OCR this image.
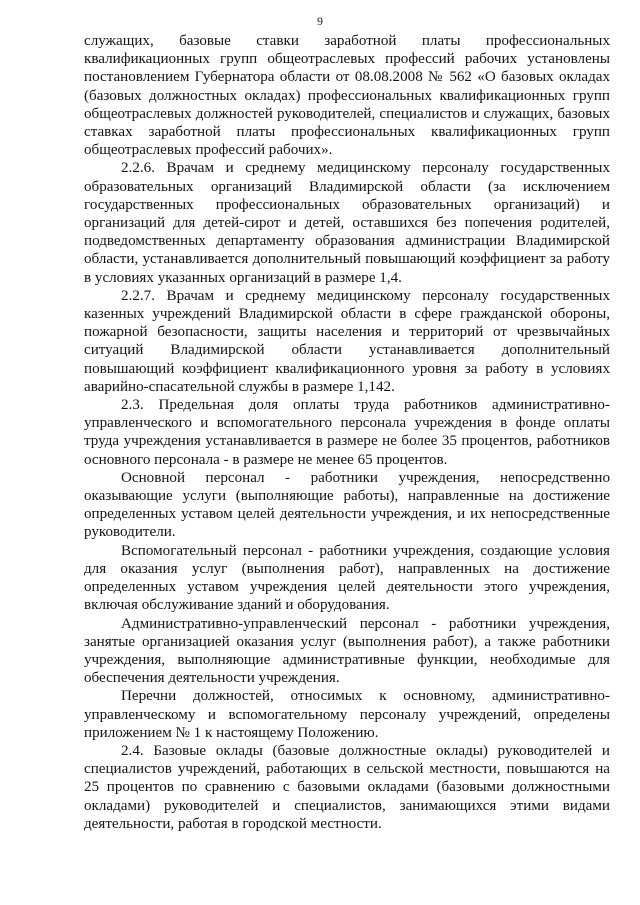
9

служащих, базовые ставки заработной платы профессиональных квалификационных групп общеотраслевых профессий рабочих установлены постановлением Губернатора области от 08.08.2008 № 562 «О базовых окладах (базовых должностных окладах) профессиональных квалификационных групп общеотраслевых должностей руководителей, специалистов и служащих, базовых ставках заработной платы профессиональных квалификационных групп общеотраслевых профессий рабочих».

2.2.6. Врачам и среднему медицинскому персоналу государственных образовательных организаций Владимирской области (за исключением государственных профессиональных образовательных организаций) и организаций для детей-сирот и детей, оставшихся без попечения родителей, подведомственных департаменту образования администрации Владимирской области, устанавливается дополнительный повышающий коэффициент за работу в условиях указанных организаций в размере 1,4.

2.2.7. Врачам и среднему медицинскому персоналу государственных казенных учреждений Владимирской области в сфере гражданской обороны, пожарной безопасности, защиты населения и территорий от чрезвычайных ситуаций Владимирской области устанавливается дополнительный повышающий коэффициент квалификационного уровня за работу в условиях аварийно-спасательной службы в размере 1,142.

2.3. Предельная доля оплаты труда работников административно-управленческого и вспомогательного персонала учреждения в фонде оплаты труда учреждения устанавливается в размере не более 35 процентов, работников основного персонала - в размере не менее 65 процентов.

Основной персонал - работники учреждения, непосредственно оказывающие услуги (выполняющие работы), направленные на достижение определенных уставом целей деятельности учреждения, и их непосредственные руководители.

Вспомогательный персонал - работники учреждения, создающие условия для оказания услуг (выполнения работ), направленных на достижение определенных уставом учреждения целей деятельности этого учреждения, включая обслуживание зданий и оборудования.

Административно-управленческий персонал - работники учреждения, занятые организацией оказания услуг (выполнения работ), а также работники учреждения, выполняющие административные функции, необходимые для обеспечения деятельности учреждения.

Перечни должностей, относимых к основному, административно-управленческому и вспомогательному персоналу учреждений, определены приложением № 1 к настоящему Положению.

2.4. Базовые оклады (базовые должностные оклады) руководителей и специалистов учреждений, работающих в сельской местности, повышаются на 25 процентов по сравнению с базовыми окладами (базовыми должностными окладами) руководителей и специалистов, занимающихся этими видами деятельности, работая в городской местности.
